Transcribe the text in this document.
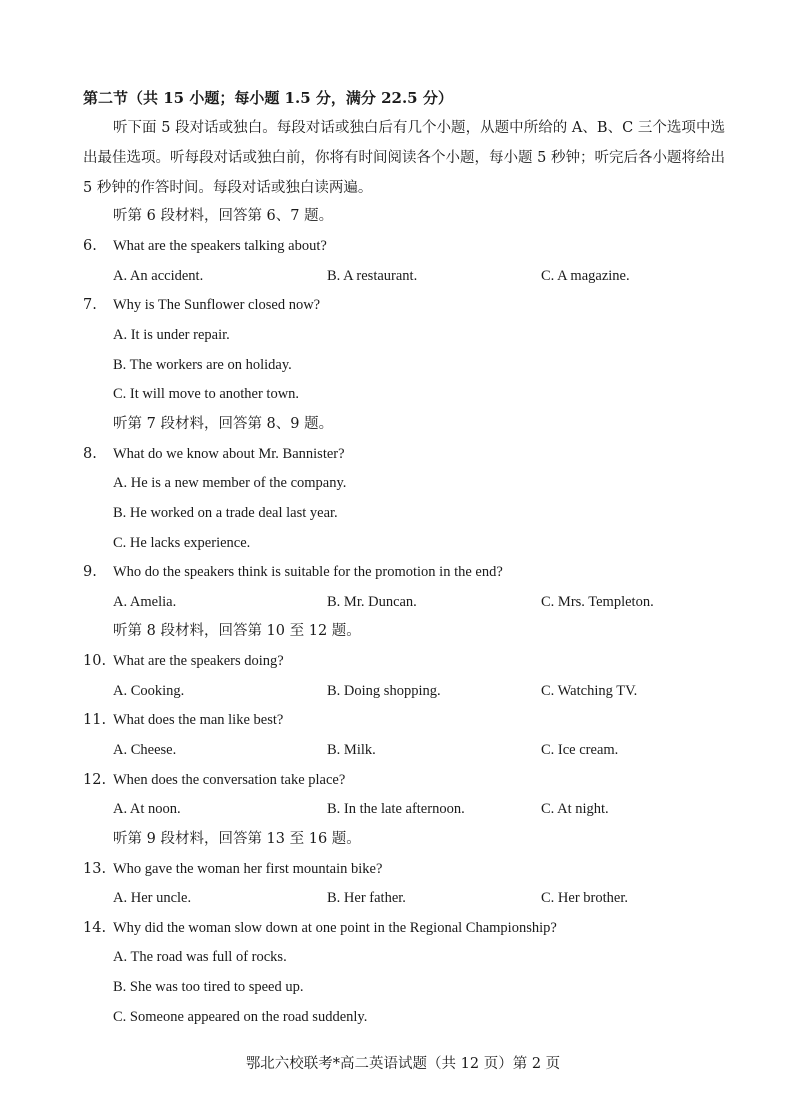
第二节（共 15 小题；每小题 1.5 分，满分 22.5 分）
听下面 5 段对话或独白。每段对话或独白后有几个小题，从题中所给的 A、B、C 三个选项中选出最佳选项。听每段对话或独白前，你将有时间阅读各个小题，每小题 5 秒钟；听完后各小题将给出 5 秒钟的作答时间。每段对话或独白读两遍。
听第 6 段材料，回答第 6、7 题。
6. What are the speakers talking about?
A. An accident.	B. A restaurant.	C. A magazine.
7. Why is The Sunflower closed now?
A. It is under repair.
B. The workers are on holiday.
C. It will move to another town.
听第 7 段材料，回答第 8、9 题。
8. What do we know about Mr. Bannister?
A. He is a new member of the company.
B. He worked on a trade deal last year.
C. He lacks experience.
9. Who do the speakers think is suitable for the promotion in the end?
A. Amelia.	B. Mr. Duncan.	C. Mrs. Templeton.
听第 8 段材料，回答第 10 至 12 题。
10. What are the speakers doing?
A. Cooking.	B. Doing shopping.	C. Watching TV.
11. What does the man like best?
A. Cheese.	B. Milk.	C. Ice cream.
12. When does the conversation take place?
A. At noon.	B. In the late afternoon.	C. At night.
听第 9 段材料，回答第 13 至 16 题。
13. Who gave the woman her first mountain bike?
A. Her uncle.	B. Her father.	C. Her brother.
14. Why did the woman slow down at one point in the Regional Championship?
A. The road was full of rocks.
B. She was too tired to speed up.
C. Someone appeared on the road suddenly.
鄂北六校联考*高二英语试题（共 12 页）第 2 页
